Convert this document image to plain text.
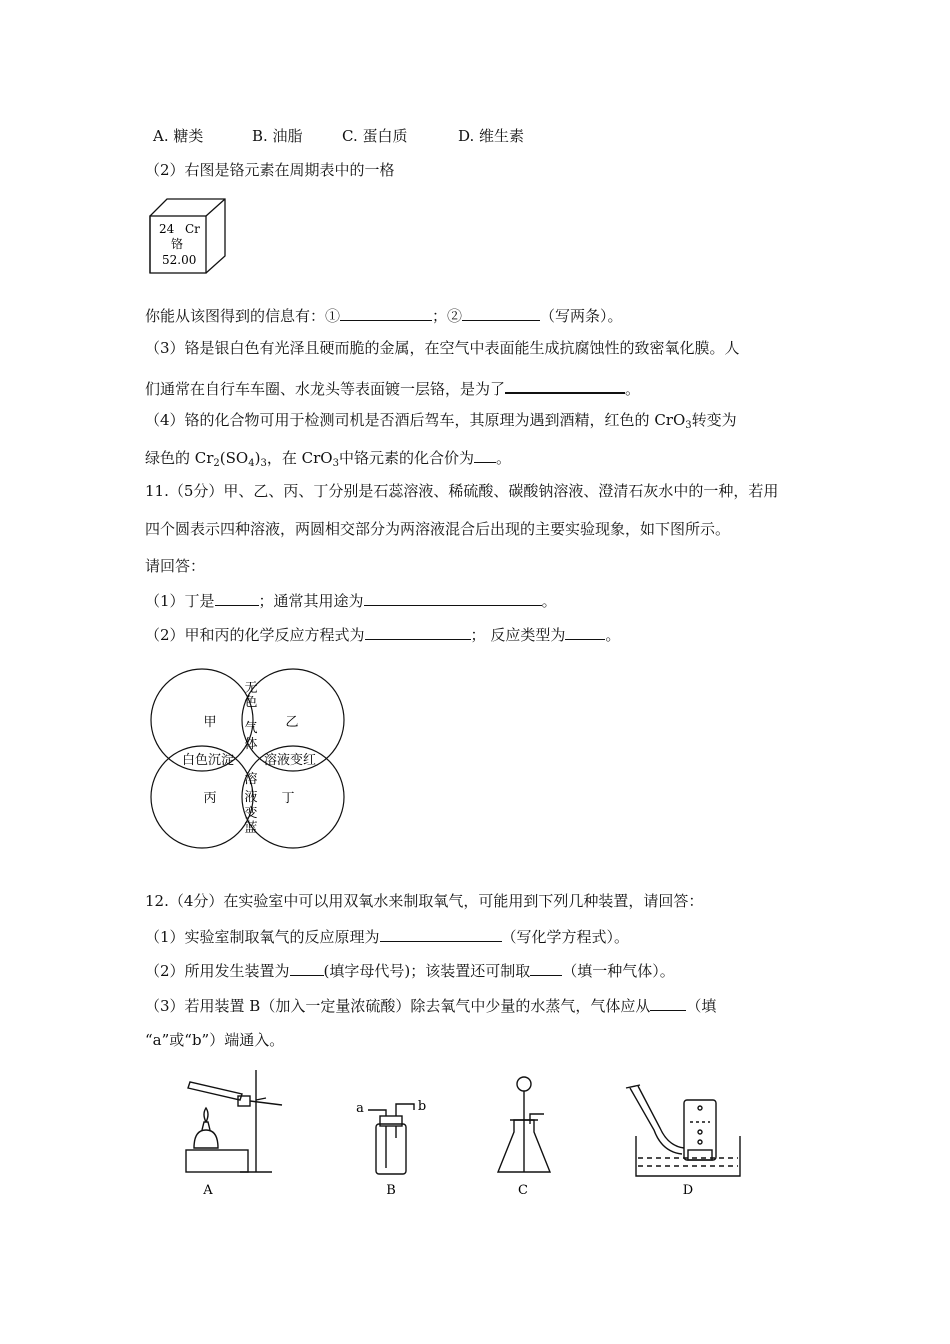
A. 糖类	B. 油脂	C. 蛋白质	D. 维生素
（2）右图是铬元素在周期表中的一格
24 Cr
铬
52.00
你能从该图得到的信息有：①	；②	（写两条）。
（3）铬是银白色有光泽且硬而脆的金属，在空气中表面能生成抗腐蚀性的致密氧化膜。人
们通常在自行车车圈、水龙头等表面镀一层铬，是为了	。
（4）铬的化合物可用于检测司机是否酒后驾车，其原理为遇到酒精，红色的 CrO$_3$转变为
绿色的 $Cr_2(SO_4)_3$，在 CrO$_3$中铬元素的化合价为 。
11.（5分）甲、乙、丙、丁分别是石蕊溶液、稀硫酸、碳酸钠溶液、澄清石灰水中的一种，若用
四个圆表示四种溶液，两圆相交部分为两溶液混合后出现的主要实验现象，如下图所示。
请回答：
（1）丁是	；通常其用途为	。
（2）甲和丙的化学反应方程式为	； 反应类型为	。
甲	乙
丙	丁
无
色
气
体
白色沉淀 溶液变红
溶
液
变
蓝
12.（4分）在实验室中可以用双氧水来制取氧气，可能用到下列几种装置，请回答：
（1）实验室制取氧气的反应原理为	（写化学方程式）。
（2）所用发生装置为 (填字母代号)；该装置还可制取 （填一种气体）。
（3）若用装置 B（加入一定量浓硫酸）除去氧气中少量的水蒸气，气体应从 （填
“a”或“b”）端通入。
A	B	C	D
a	b
